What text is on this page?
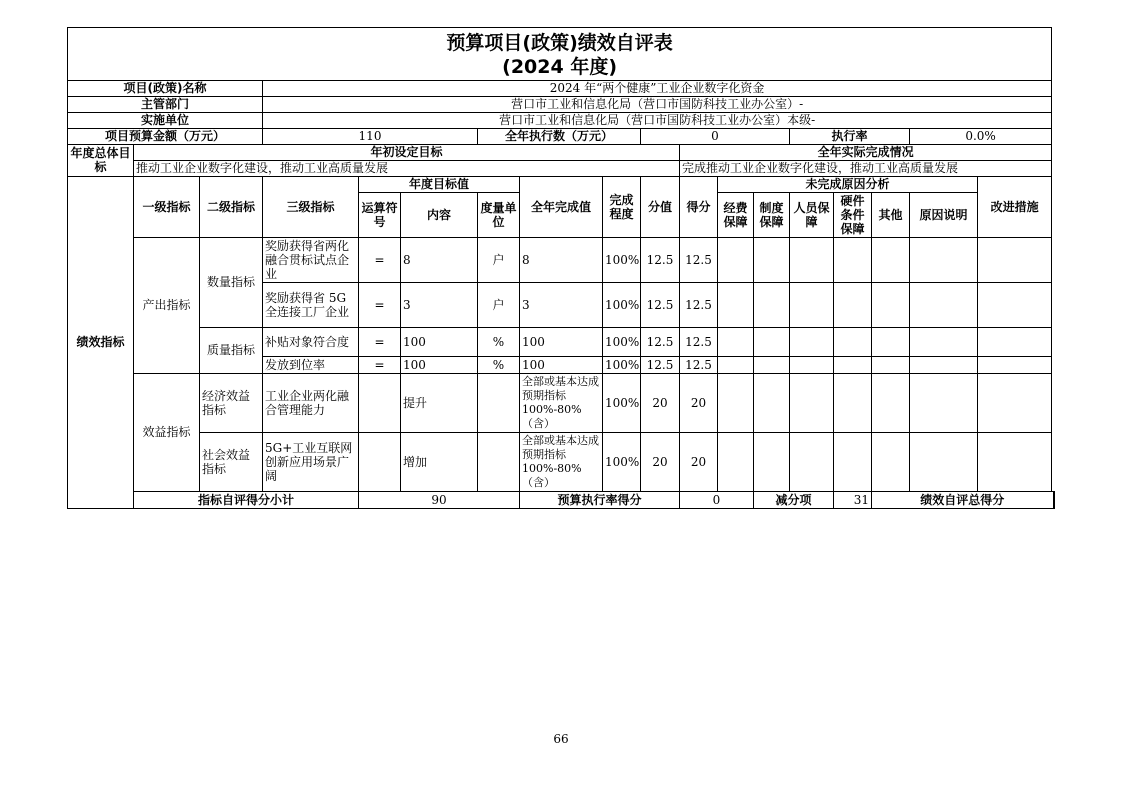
预算项目(政策)绩效自评表																		
(2024 年度)																		
项目(政策)名称			2024 年“两个健康”工业企业数字化资金															
主管部门			营口市工业和信息化局（营口市国防科技工业办公室）-															
实施单位			营口市工业和信息化局（营口市国防科技工业办公室）本级-															
项目预算金额（万元）			110			全年执行数（万元）			0				执行率			0.0%		
年度总体目标	年初设定目标									全年实际完成情况								
	推动工业企业数字化建设，推动工业高质量发展									完成推动工业企业数字化建设，推动工业高质量发展								
绩效指标	一级指标	二级指标	三级指标	年度目标值			全年完成值	完成程度	分值	得分	未完成原因分析						改进措施	
				运算符号	内容	度量单位					经费保障	制度保障	人员保障	硬件条件保障	其他	原因说明		
	产出指标	数量指标	奖励获得省两化融合贯标试点企业	=	8	户	8	100%	12.5	12.5								
			奖励获得省 5G 全连接工厂企业	=	3	户	3	100%	12.5	12.5								
		质量指标	补贴对象符合度	=	100	%	100	100%	12.5	12.5								
			发放到位率	=	100	%	100	100%	12.5	12.5								
	效益指标	经济效益指标	工业企业两化融合管理能力		提升		全部或基本达成预期指标100%-80%（含）	100%	20	20								
		社会效益指标	5G+工业互联网创新应用场景广阔		增加		全部或基本达成预期指标100%-80%（含）	100%	20	20								
	指标自评得分小计			90			预算执行率得分			0		减分项		31	绩效自评总得分	
66
